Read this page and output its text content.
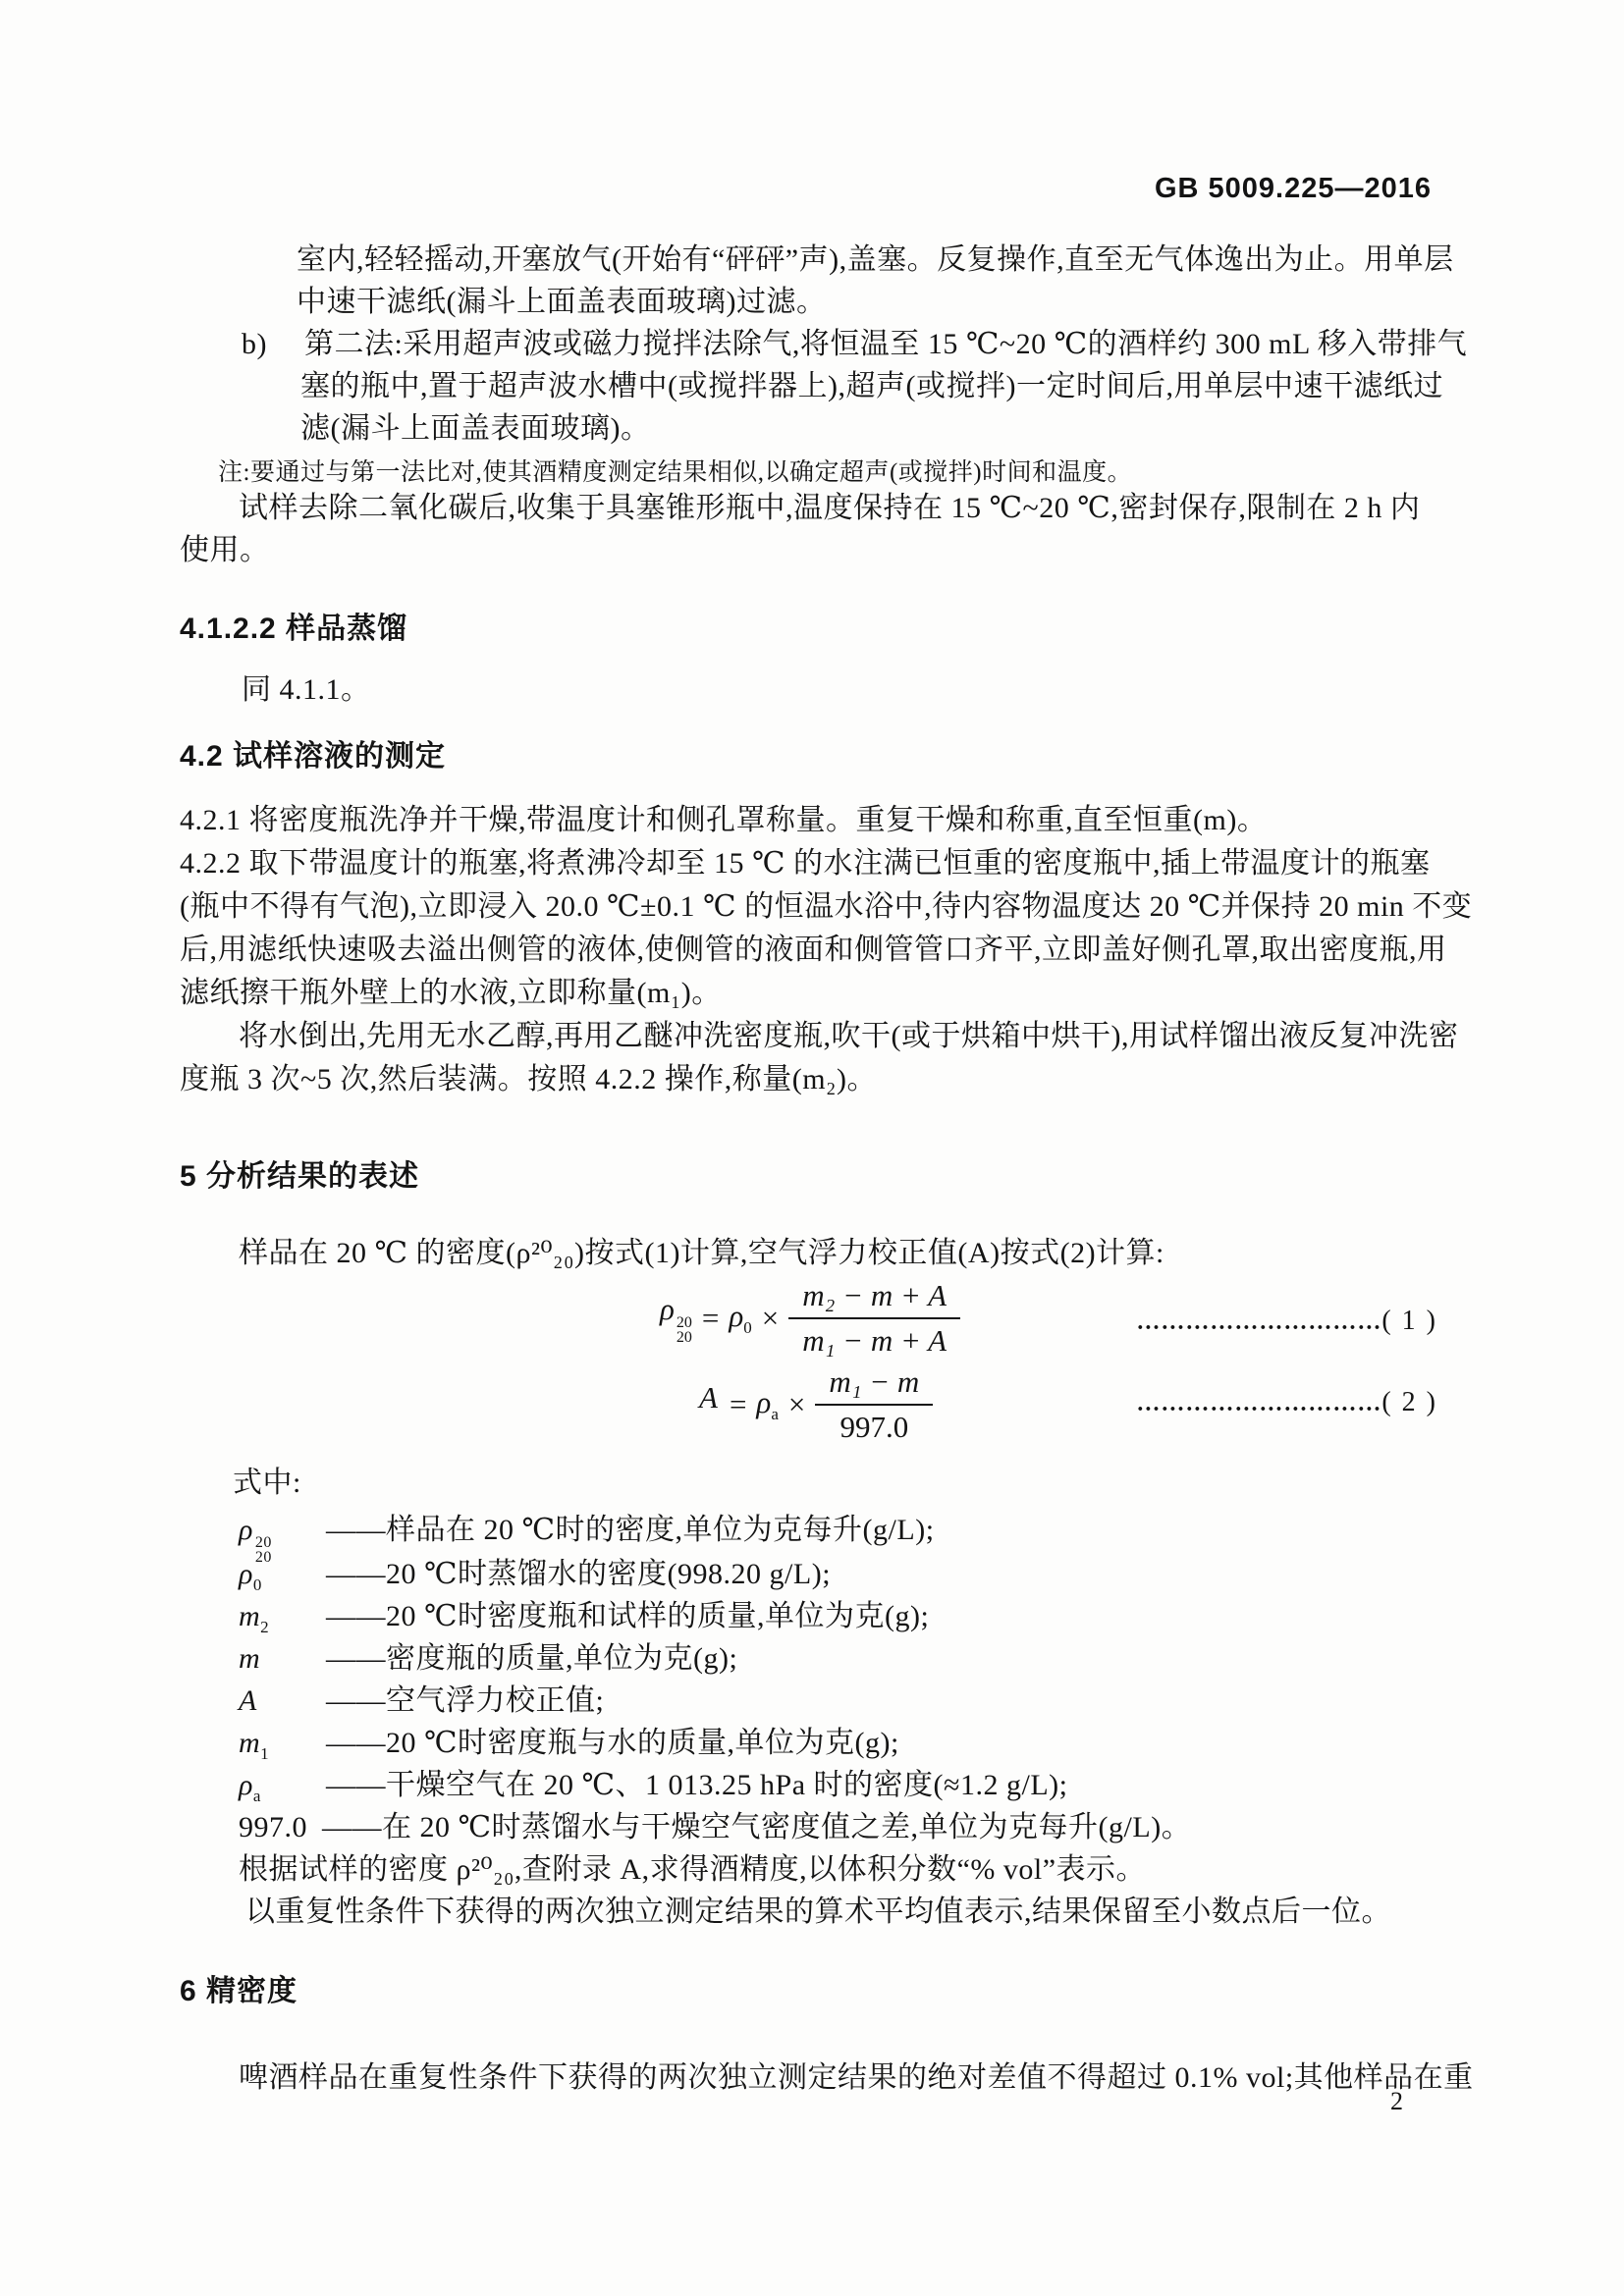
GB 5009.225—2016
室内,轻轻摇动,开塞放气(开始有“砰砰”声),盖塞。反复操作,直至无气体逸出为止。用单层
中速干滤纸(漏斗上面盖表面玻璃)过滤。
b) 第二法:采用超声波或磁力搅拌法除气,将恒温至 15 ℃~20 ℃的酒样约 300 mL 移入带排气
塞的瓶中,置于超声波水槽中(或搅拌器上),超声(或搅拌)一定时间后,用单层中速干滤纸过
滤(漏斗上面盖表面玻璃)。
注:要通过与第一法比对,使其酒精度测定结果相似,以确定超声(或搅拌)时间和温度。
试样去除二氧化碳后,收集于具塞锥形瓶中,温度保持在 15 ℃~20 ℃,密封保存,限制在 2 h 内
使用。
4.1.2.2 样品蒸馏
同 4.1.1。
4.2 试样溶液的测定
4.2.1 将密度瓶洗净并干燥,带温度计和侧孔罩称量。重复干燥和称重,直至恒重(m)。
4.2.2 取下带温度计的瓶塞,将煮沸冷却至 15 ℃ 的水注满已恒重的密度瓶中,插上带温度计的瓶塞
(瓶中不得有气泡),立即浸入 20.0 ℃±0.1 ℃ 的恒温水浴中,待内容物温度达 20 ℃并保持 20 min 不变
后,用滤纸快速吸去溢出侧管的液体,使侧管的液面和侧管管口齐平,立即盖好侧孔罩,取出密度瓶,用
滤纸擦干瓶外壁上的水液,立即称量(m₁)。
将水倒出,先用无水乙醇,再用乙醚冲洗密度瓶,吹干(或于烘箱中烘干),用试样馏出液反复冲洗密
度瓶 3 次~5 次,然后装满。按照 4.2.2 操作,称量(m₂)。
5 分析结果的表述
样品在 20 ℃ 的密度(ρ²⁰₂₀)按式(1)计算,空气浮力校正值(A)按式(2)计算:
ρ 20
20
= $\rho_0 \times \frac{\text{m₂ − m + A}}{\text{m₁ − m + A}}$	…………………………( 1 )
$A = \rho_a \times \frac{\text{m₁ − m}}{997.0}$	…………………………( 2 )
式中:
ρ 20
20
——样品在 20 ℃时的密度,单位为克每升(g/L);
$\rho_0$ ——20 ℃时蒸馏水的密度(998.20 g/L);
$m_2$ ——20 ℃时密度瓶和试样的质量,单位为克(g);
m ——密度瓶的质量,单位为克(g);
A ——空气浮力校正值;
$m_1$ ——20 ℃时密度瓶与水的质量,单位为克(g);
$\rho_a$ ——干燥空气在 20 ℃、1 013.25 hPa 时的密度(≈1.2 g/L);
997.0 ——在 20 ℃时蒸馏水与干燥空气密度值之差,单位为克每升(g/L)。
根据试样的密度 ρ²⁰₂₀,查附录 A,求得酒精度,以体积分数“% vol”表示。
以重复性条件下获得的两次独立测定结果的算术平均值表示,结果保留至小数点后一位。
6 精密度
啤酒样品在重复性条件下获得的两次独立测定结果的绝对差值不得超过 0.1% vol;其他样品在重
2
